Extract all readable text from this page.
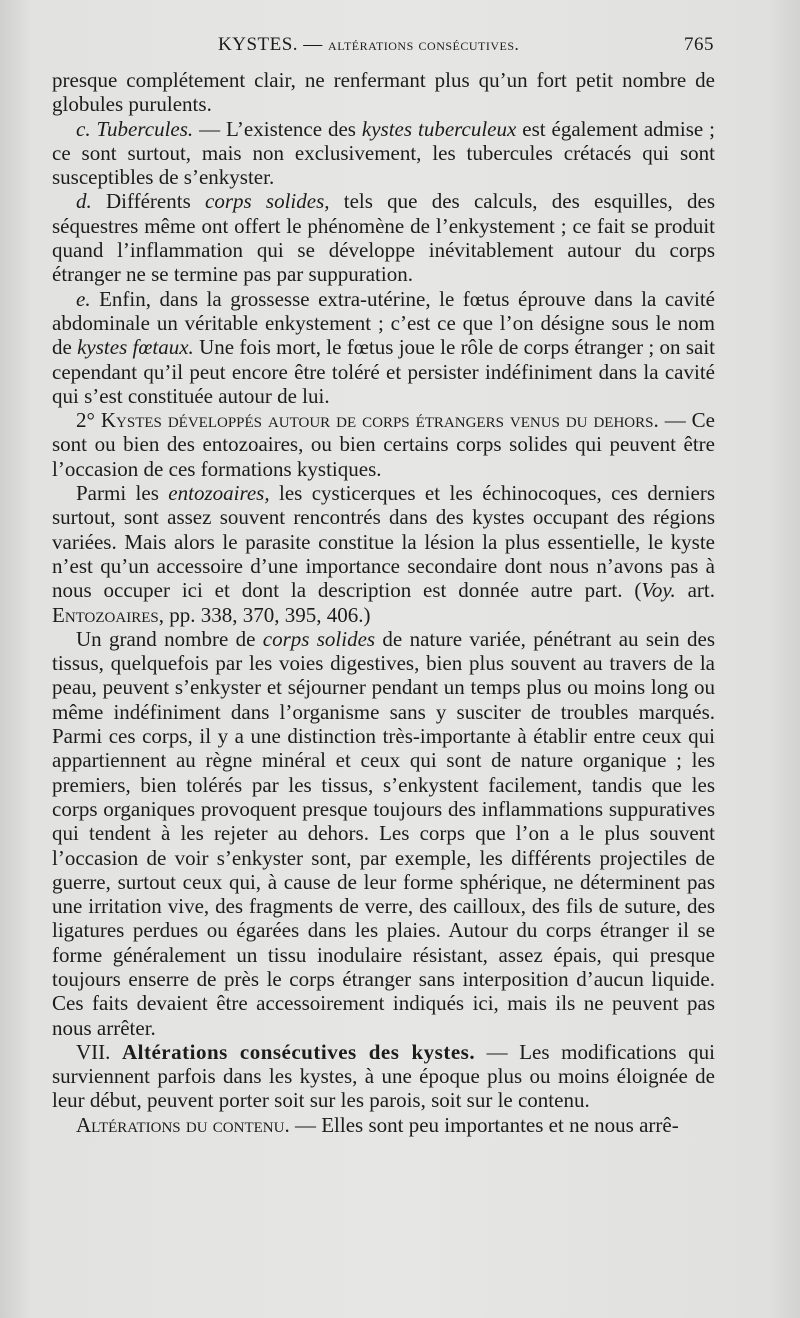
KYSTES. — altérations consécutives.	765

presque complétement clair, ne renfermant plus qu’un fort petit nombre de globules purulents.

c. Tubercules. — L’existence des kystes tuberculeux est également admise ; ce sont surtout, mais non exclusivement, les tubercules crétacés qui sont susceptibles de s’enkyster.

d. Différents corps solides, tels que des calculs, des esquilles, des séquestres même ont offert le phénomène de l’enkystement ; ce fait se produit quand l’inflammation qui se développe inévitablement autour du corps étranger ne se termine pas par suppuration.

e. Enfin, dans la grossesse extra-utérine, le fœtus éprouve dans la cavité abdominale un véritable enkystement ; c’est ce que l’on désigne sous le nom de kystes fœtaux. Une fois mort, le fœtus joue le rôle de corps étranger ; on sait cependant qu’il peut encore être toléré et persister indéfiniment dans la cavité qui s’est constituée autour de lui.

2° Kystes développés autour de corps étrangers venus du dehors. — Ce sont ou bien des entozoaires, ou bien certains corps solides qui peuvent être l’occasion de ces formations kystiques.

Parmi les entozoaires, les cysticerques et les échinocoques, ces derniers surtout, sont assez souvent rencontrés dans des kystes occupant des régions variées. Mais alors le parasite constitue la lésion la plus essentielle, le kyste n’est qu’un accessoire d’une importance secondaire dont nous n’avons pas à nous occuper ici et dont la description est donnée autre part. (Voy. art. Entozoaires, pp. 338, 370, 395, 406.)

Un grand nombre de corps solides de nature variée, pénétrant au sein des tissus, quelquefois par les voies digestives, bien plus souvent au travers de la peau, peuvent s’enkyster et séjourner pendant un temps plus ou moins long ou même indéfiniment dans l’organisme sans y susciter de troubles marqués. Parmi ces corps, il y a une distinction très-importante à établir entre ceux qui appartiennent au règne minéral et ceux qui sont de nature organique ; les premiers, bien tolérés par les tissus, s’enkystent facilement, tandis que les corps organiques provoquent presque toujours des inflammations suppuratives qui tendent à les rejeter au dehors. Les corps que l’on a le plus souvent l’occasion de voir s’enkyster sont, par exemple, les différents projectiles de guerre, surtout ceux qui, à cause de leur forme sphérique, ne déterminent pas une irritation vive, des fragments de verre, des cailloux, des fils de suture, des ligatures perdues ou égarées dans les plaies. Autour du corps étranger il se forme généralement un tissu inodulaire résistant, assez épais, qui presque toujours enserre de près le corps étranger sans interposition d’aucun liquide. Ces faits devaient être accessoirement indiqués ici, mais ils ne peuvent pas nous arrêter.

VII. Altérations consécutives des kystes. — Les modifications qui surviennent parfois dans les kystes, à une époque plus ou moins éloignée de leur début, peuvent porter soit sur les parois, soit sur le contenu.

Altérations du contenu. — Elles sont peu importantes et ne nous arrê-
